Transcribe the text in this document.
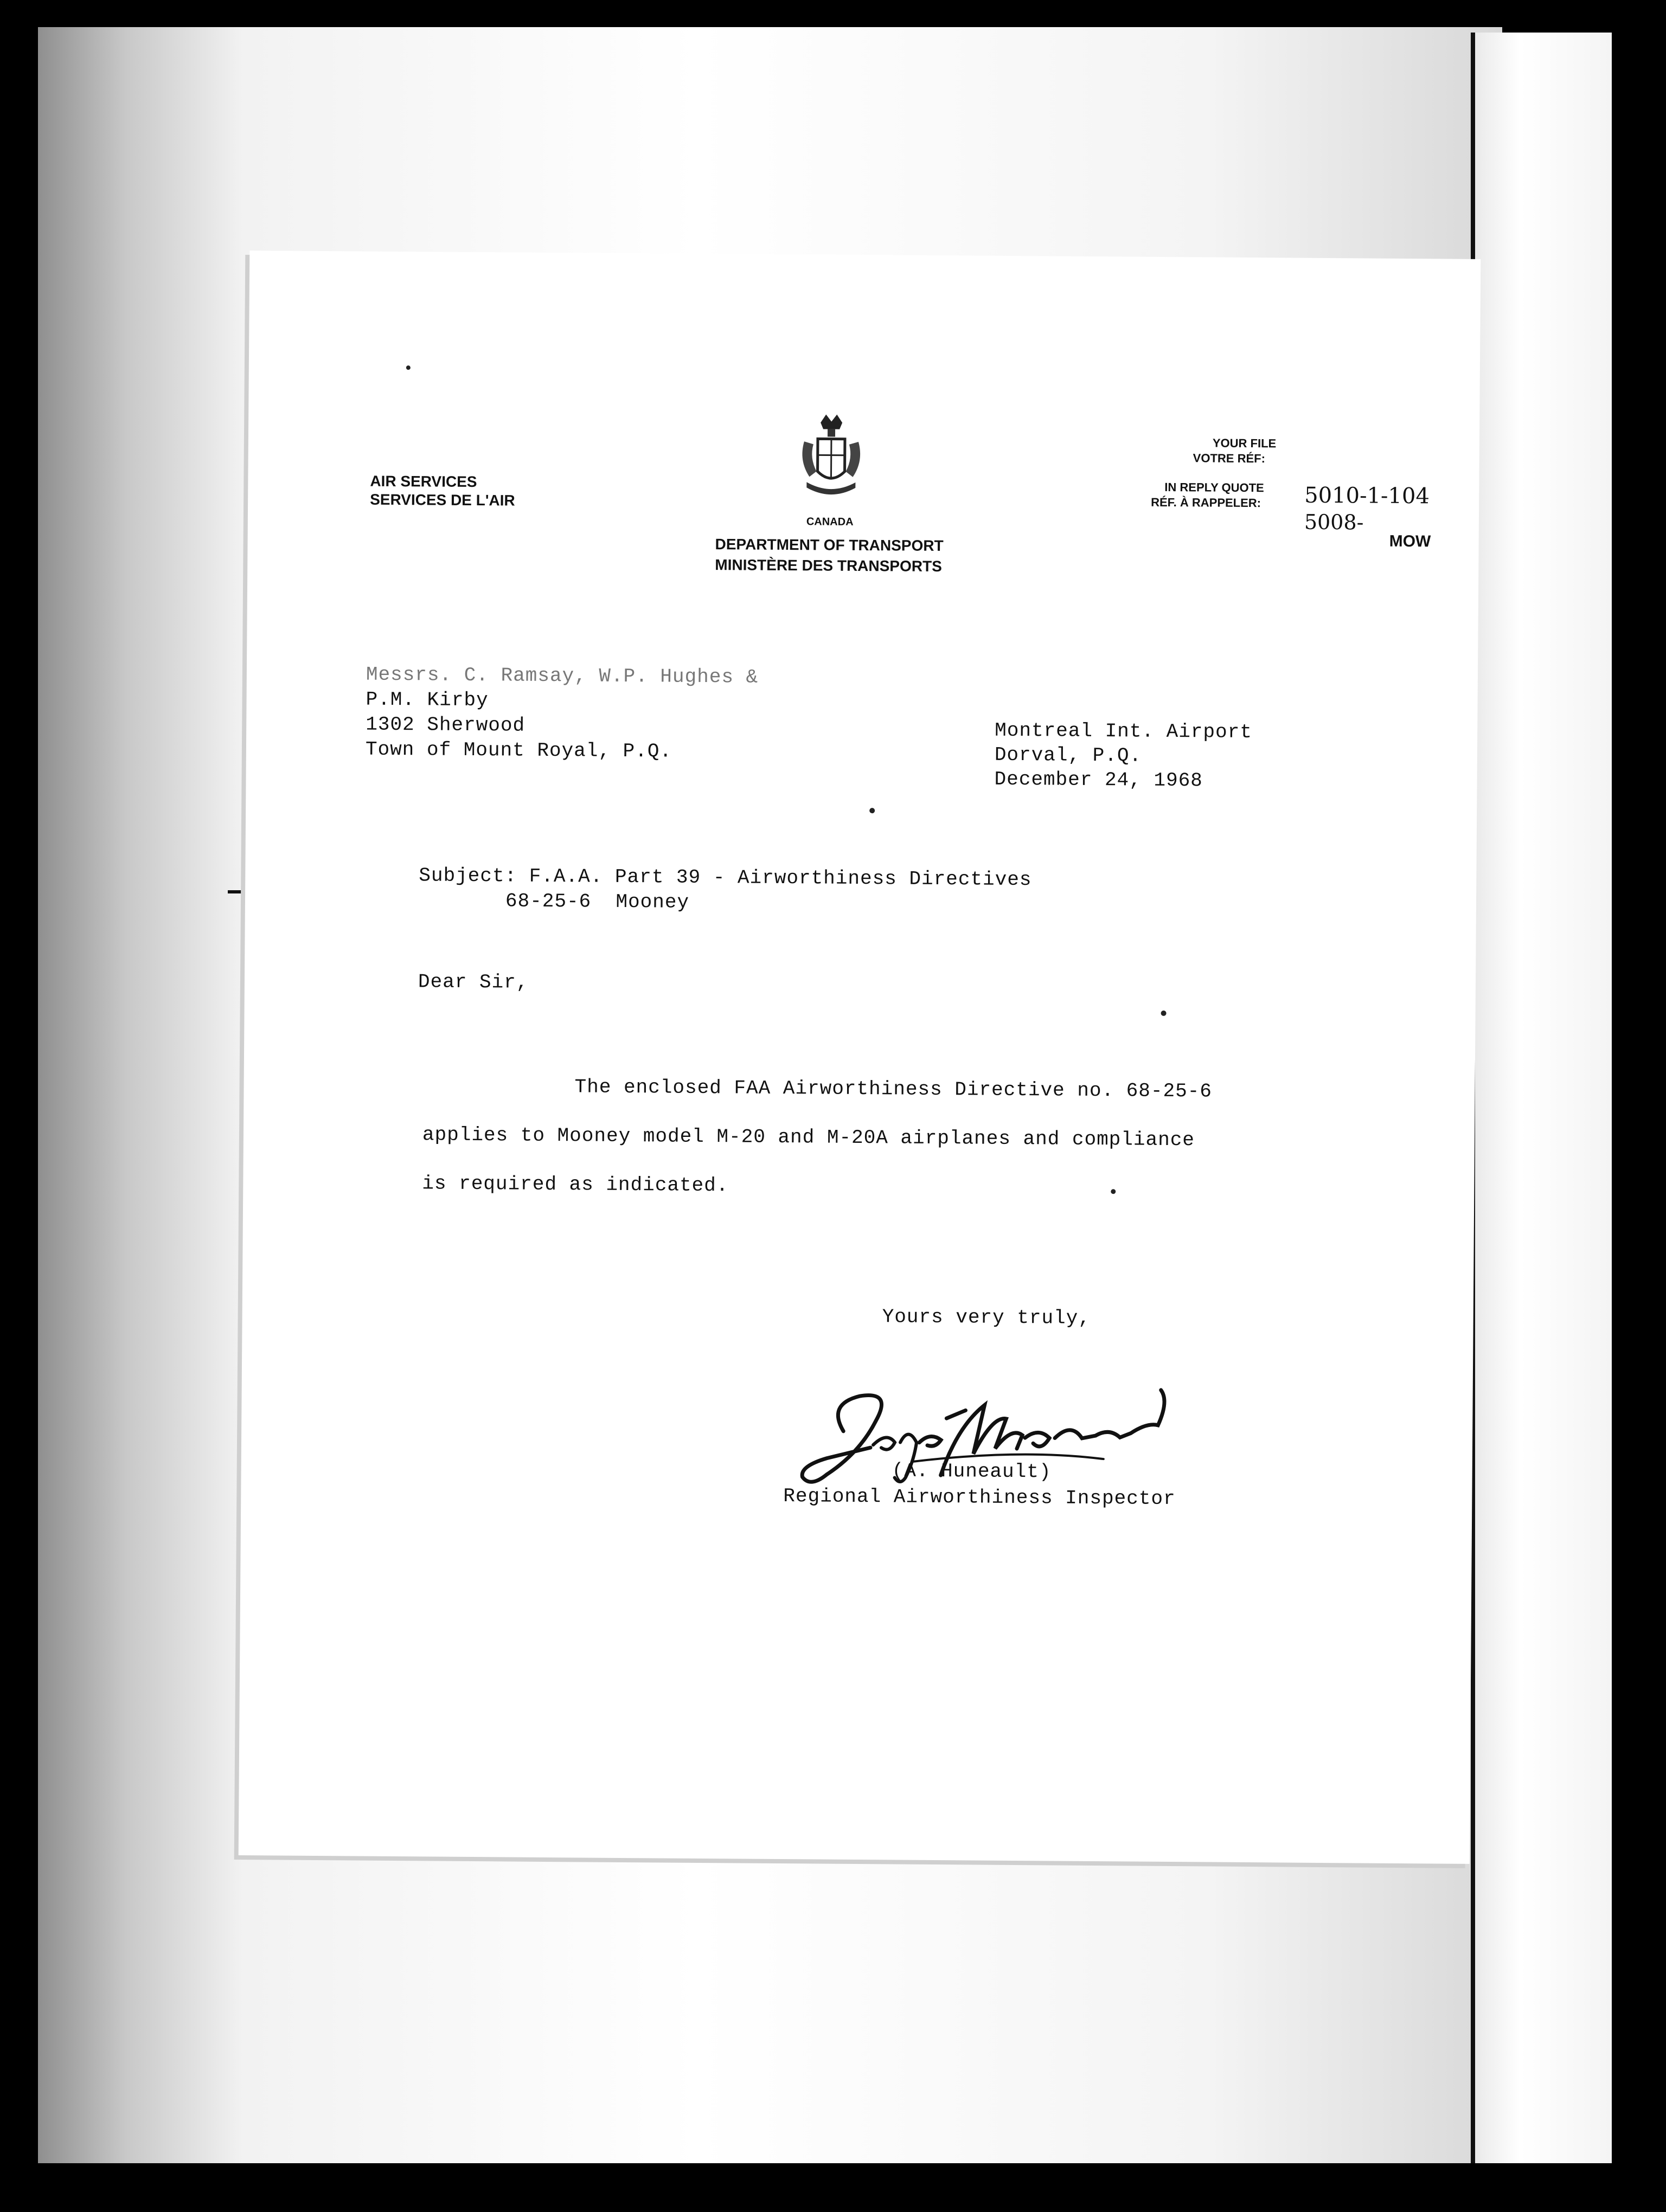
AIR SERVICES
SERVICES DE L'AIR
CANADA
DEPARTMENT OF TRANSPORT
MINISTÈRE DES TRANSPORTS
YOUR FILE
VOTRE RÉF:
IN REPLY QUOTE
RÉF. À RAPPELER: 5010-1-104
5008-
MOW
Messrs. C. Ramsay, W.P. Hughes &
P.M. Kirby
1302 Sherwood
Town of Mount Royal, P.Q.
Montreal Int. Airport
Dorval, P.Q.
December 24, 1968
Subject: F.A.A. Part 39 - Airworthiness Directives
68-25-6  Mooney
Dear Sir,
The enclosed FAA Airworthiness Directive no. 68-25-6
applies to Mooney model M-20 and M-20A airplanes and compliance
is required as indicated.
Yours very truly,
(A. Huneault)
Regional Airworthiness Inspector
